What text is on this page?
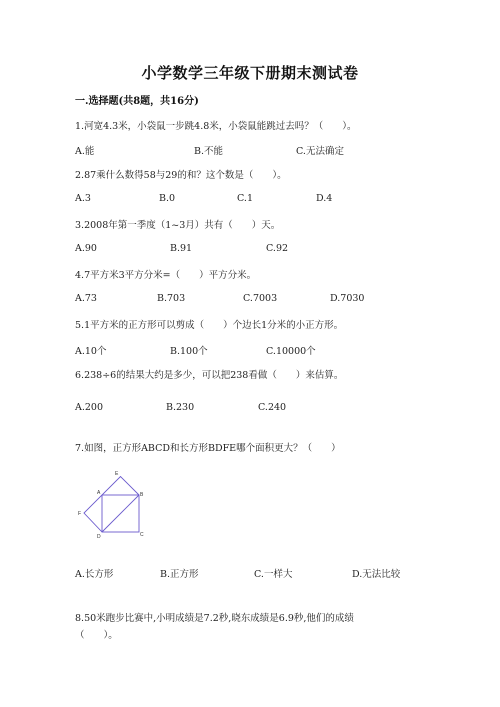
小学数学三年级下册期末测试卷
一.选择题(共8题，共16分)
1.河宽4.3米，小袋鼠一步跳4.8米，小袋鼠能跳过去吗？（　　）。
A.能	B.不能	C.无法确定
2.87乘什么数得58与29的和？这个数是（　　）。
A.3	B.0	C.1	D.4
3.2008年第一季度（1~3月）共有（　　）天。
A.90	B.91	C.92
4.7平方米3平方分米=（　　）平方分米。
A.73	B.703	C.7003	D.7030
5.1平方米的正方形可以剪成（　　）个边长1分米的小正方形。
A.10个	B.100个	C.10000个
6.238÷6的结果大约是多少，可以把238看做（　　）来估算。
A.200	B.230	C.240
7.如图，正方形ABCD和长方形BDFE哪个面积更大？（　　）
E
A	B
F
D	C
A.长方形	B.正方形	C.一样大	D.无法比较
8.50米跑步比赛中,小明成绩是7.2秒,晓东成绩是6.9秒,他们的成绩（　　）。
